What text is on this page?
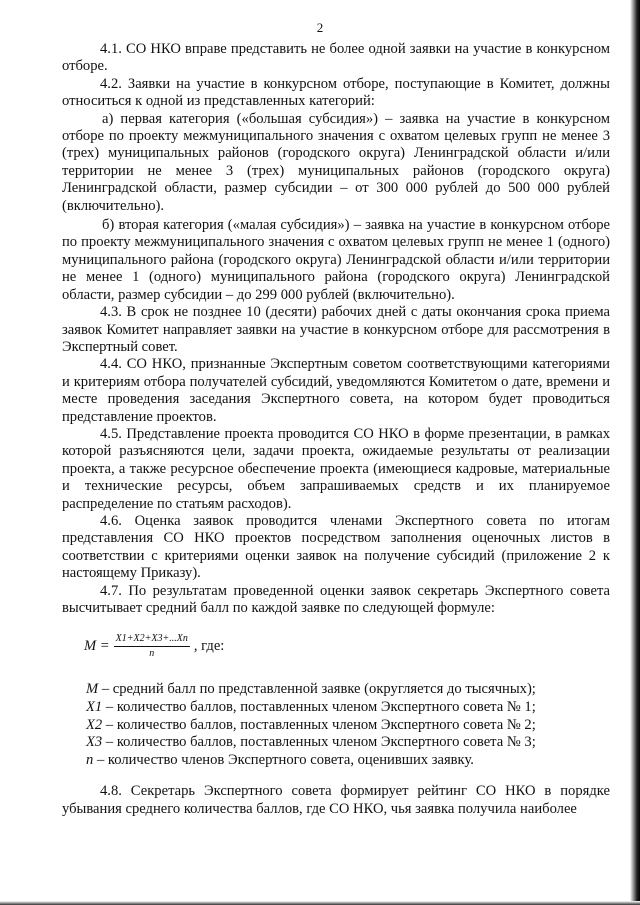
2

4.1. СО НКО вправе представить не более одной заявки на участие в конкурсном отборе.

4.2. Заявки на участие в конкурсном отборе, поступающие в Комитет, должны относиться к одной из представленных категорий:

а) первая категория («большая субсидия») – заявка на участие в конкурсном отборе по проекту межмуниципального значения с охватом целевых групп не менее 3 (трех) муниципальных районов (городского округа) Ленинградской области и/или территории не менее 3 (трех) муниципальных районов (городского округа) Ленинградской области, размер субсидии – от 300 000 рублей до 500 000 рублей (включительно).

б) вторая категория («малая субсидия») – заявка на участие в конкурсном отборе по проекту межмуниципального значения с охватом целевых групп не менее 1 (одного) муниципального района (городского округа) Ленинградской области и/или территории не менее 1 (одного) муниципального района (городского округа) Ленинградской области, размер субсидии – до 299 000 рублей (включительно).

4.3. В срок не позднее 10 (десяти) рабочих дней с даты окончания срока приема заявок Комитет направляет заявки на участие в конкурсном отборе для рассмотрения в Экспертный совет.

4.4. СО НКО, признанные Экспертным советом соответствующими категориями и критериям отбора получателей субсидий, уведомляются Комитетом о дате, времени и месте проведения заседания Экспертного совета, на котором будет проводиться представление проектов.

4.5. Представление проекта проводится СО НКО в форме презентации, в рамках которой разъясняются цели, задачи проекта, ожидаемые результаты от реализации проекта, а также ресурсное обеспечение проекта (имеющиеся кадровые, материальные и технические ресурсы, объем запрашиваемых средств и их планируемое распределение по статьям расходов).

4.6. Оценка заявок проводится членами Экспертного совета по итогам представления СО НКО проектов посредством заполнения оценочных листов в соответствии с критериями оценки заявок на получение субсидий (приложение 2 к настоящему Приказу).

4.7. По результатам проведенной оценки заявок секретарь Экспертного совета высчитывает средний балл по каждой заявке по следующей формуле:

$M = \frac{X1+X2+X3+...Xn}{n}$ , где:

M – средний балл по представленной заявке (округляется до тысячных);

X1 – количество баллов, поставленных членом Экспертного совета № 1;

X2 – количество баллов, поставленных членом Экспертного совета № 2;

X3 – количество баллов, поставленных членом Экспертного совета № 3;

n – количество членов Экспертного совета, оценивших заявку.

4.8. Секретарь Экспертного совета формирует рейтинг СО НКО в порядке убывания среднего количества баллов, где СО НКО, чья заявка получила наиболее
